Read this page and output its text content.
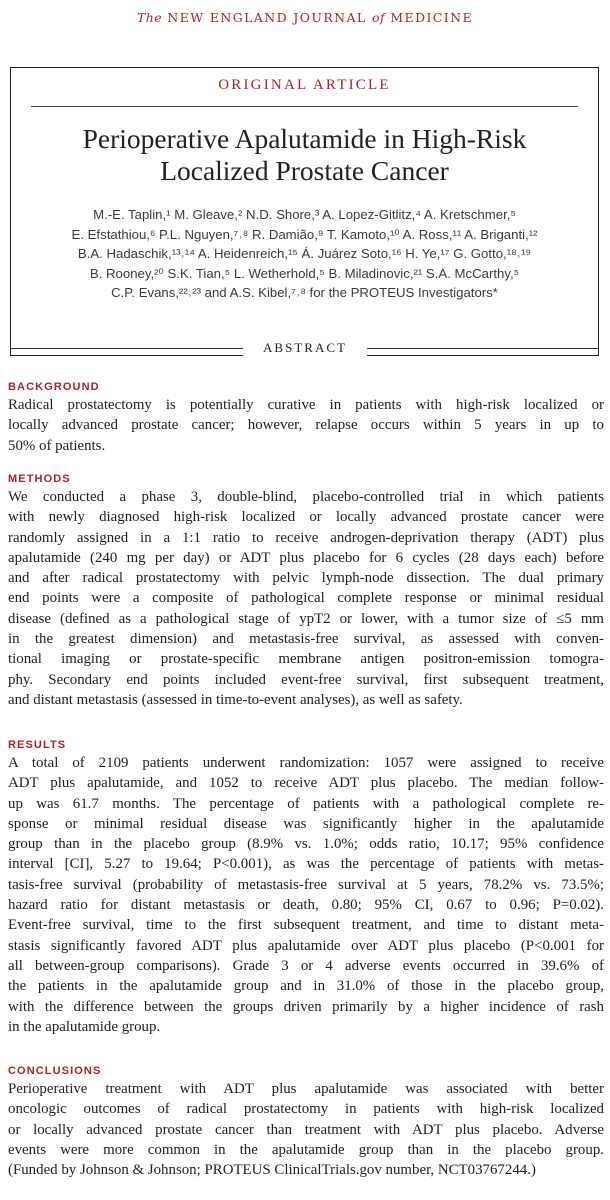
The NEW ENGLAND JOURNAL of MEDICINE
ORIGINAL ARTICLE
Perioperative Apalutamide in High-Risk
Localized Prostate Cancer
M.-E. Taplin,¹ M. Gleave,² N.D. Shore,³ A. Lopez-Gitlitz,⁴ A. Kretschmer,⁵
E. Efstathiou,⁶ P.L. Nguyen,⁷˒⁸ R. Damião,⁹ T. Kamoto,¹⁰ A. Ross,¹¹ A. Briganti,¹²
B.A. Hadaschik,¹³˒¹⁴ A. Heidenreich,¹⁵ Á. Juárez Soto,¹⁶ H. Ye,¹⁷ G. Gotto,¹⁸˒¹⁹
B. Rooney,²⁰ S.K. Tian,⁵ L. Wetherhold,⁵ B. Miladinovic,²¹ S.A. McCarthy,⁵
C.P. Evans,²²˒²³ and A.S. Kibel,⁷˒⁸ for the PROTEUS Investigators*
ABSTRACT
BACKGROUND
Radical prostatectomy is potentially curative in patients with high-risk localized or
locally advanced prostate cancer; however, relapse occurs within 5 years in up to
50% of patients.
METHODS
We conducted a phase 3, double-blind, placebo-controlled trial in which patients
with newly diagnosed high-risk localized or locally advanced prostate cancer were
randomly assigned in a 1:1 ratio to receive androgen-deprivation therapy (ADT) plus
apalutamide (240 mg per day) or ADT plus placebo for 6 cycles (28 days each) before
and after radical prostatectomy with pelvic lymph-node dissection. The dual primary
end points were a composite of pathological complete response or minimal residual
disease (defined as a pathological stage of ypT2 or lower, with a tumor size of ≤5 mm
in the greatest dimension) and metastasis-free survival, as assessed with conven-
tional imaging or prostate-specific membrane antigen positron-emission tomogra-
phy. Secondary end points included event-free survival, first subsequent treatment,
and distant metastasis (assessed in time-to-event analyses), as well as safety.
RESULTS
A total of 2109 patients underwent randomization: 1057 were assigned to receive
ADT plus apalutamide, and 1052 to receive ADT plus placebo. The median follow-
up was 61.7 months. The percentage of patients with a pathological complete re-
sponse or minimal residual disease was significantly higher in the apalutamide
group than in the placebo group (8.9% vs. 1.0%; odds ratio, 10.17; 95% confidence
interval [CI], 5.27 to 19.64; P<0.001), as was the percentage of patients with metas-
tasis-free survival (probability of metastasis-free survival at 5 years, 78.2% vs. 73.5%;
hazard ratio for distant metastasis or death, 0.80; 95% CI, 0.67 to 0.96; P=0.02).
Event-free survival, time to the first subsequent treatment, and time to distant meta-
stasis significantly favored ADT plus apalutamide over ADT plus placebo (P<0.001 for
all between-group comparisons). Grade 3 or 4 adverse events occurred in 39.6% of
the patients in the apalutamide group and in 31.0% of those in the placebo group,
with the difference between the groups driven primarily by a higher incidence of rash
in the apalutamide group.
CONCLUSIONS
Perioperative treatment with ADT plus apalutamide was associated with better
oncologic outcomes of radical prostatectomy in patients with high-risk localized
or locally advanced prostate cancer than treatment with ADT plus placebo. Adverse
events were more common in the apalutamide group than in the placebo group.
(Funded by Johnson & Johnson; PROTEUS ClinicalTrials.gov number, NCT03767244.)
